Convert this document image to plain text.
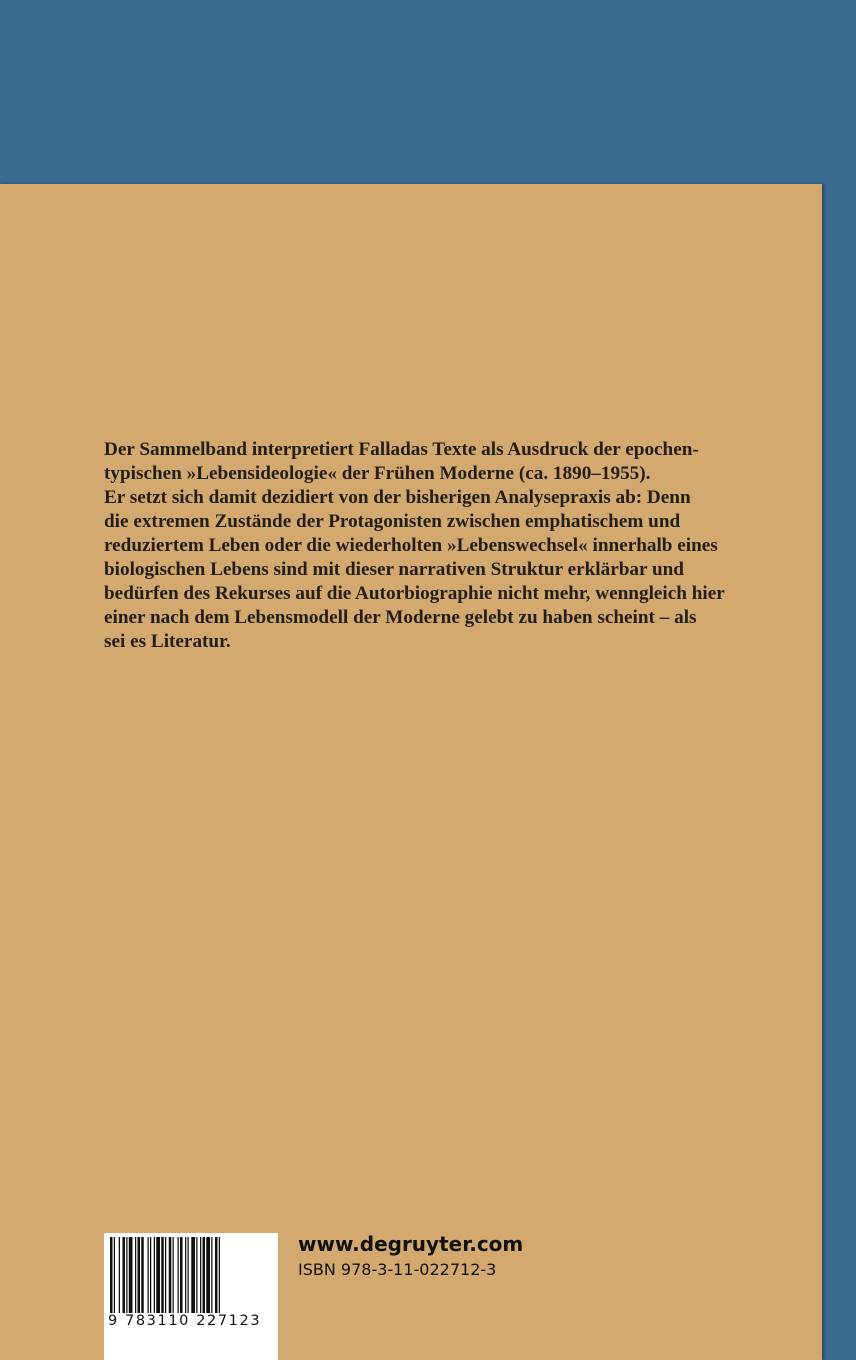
Der Sammelband interpretiert Falladas Texte als Ausdruck der epochen-
typischen »Lebensideologie« der Frühen Moderne (ca. 1890–1955).
Er setzt sich damit dezidiert von der bisherigen Analysepraxis ab: Denn
die extremen Zustände der Protagonisten zwischen emphatischem und
reduziertem Leben oder die wiederholten »Lebenswechsel« innerhalb eines
biologischen Lebens sind mit dieser narrativen Struktur erklärbar und
bedürfen des Rekurses auf die Autorbiographie nicht mehr, wenngleich hier
einer nach dem Lebensmodell der Moderne gelebt zu haben scheint – als
sei es Literatur.

9 783110 227123
www.degruyter.com
ISBN 978-3-11-022712-3
